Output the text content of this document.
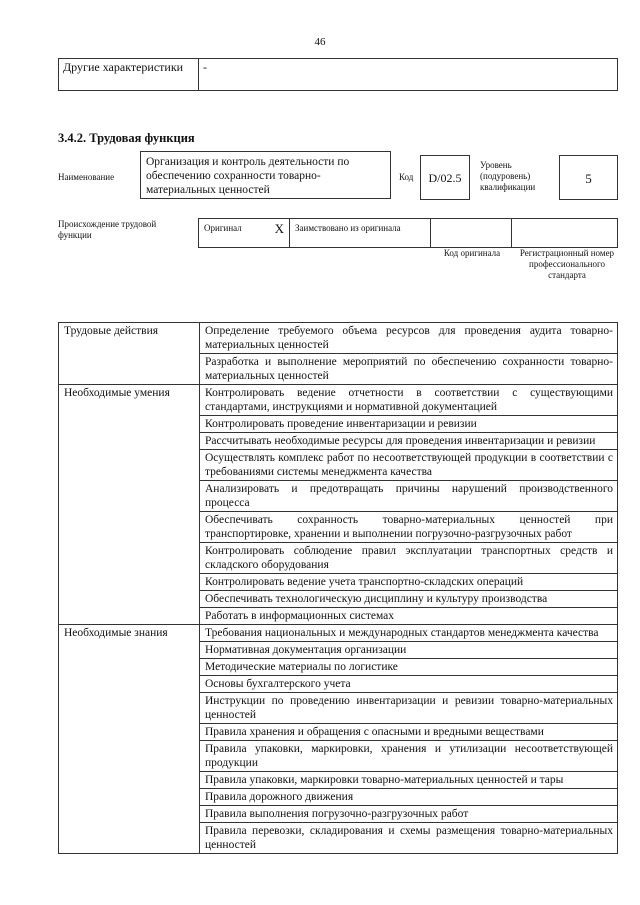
46
Другие характеристики	-
3.4.2. Трудовая функция
Наименование
Организация и контроль деятельности по обеспечению сохранности товарно-материальных ценностей
Код	D/02.5
Уровень (подуровень) квалификации
5
Происхождение трудовой функции
Оригинал	X	Заимствовано из оригинала		
Код оригинала	Регистрационный номер профессионального стандарта
Трудовые действия	Определение требуемого объема ресурсов для проведения аудита товарно-материальных ценностей
	Разработка и выполнение мероприятий по обеспечению сохранности товарно-материальных ценностей
Необходимые умения	Контролировать ведение отчетности в соответствии с существующими стандартами, инструкциями и нормативной документацией
	Контролировать проведение инвентаризации и ревизии
	Рассчитывать необходимые ресурсы для проведения инвентаризации и ревизии
	Осуществлять комплекс работ по несоответствующей продукции в соответствии с требованиями системы менеджмента качества
	Анализировать и предотвращать причины нарушений производственного процесса
	Обеспечивать сохранность товарно-материальных ценностей при транспортировке, хранении и выполнении погрузочно-разгрузочных работ
	Контролировать соблюдение правил эксплуатации транспортных средств и складского оборудования
	Контролировать ведение учета транспортно-складских операций
	Обеспечивать технологическую дисциплину и культуру производства
	Работать в информационных системах
Необходимые знания	Требования национальных и международных стандартов менеджмента качества
	Нормативная документация организации
	Методические материалы по логистике
	Основы бухгалтерского учета
	Инструкции по проведению инвентаризации и ревизии товарно-материальных ценностей
	Правила хранения и обращения с опасными и вредными веществами
	Правила упаковки, маркировки, хранения и утилизации несоответствующей продукции
	Правила упаковки, маркировки товарно-материальных ценностей и тары
	Правила дорожного движения
	Правила выполнения погрузочно-разгрузочных работ
	Правила перевозки, складирования и схемы размещения товарно-материальных ценностей
